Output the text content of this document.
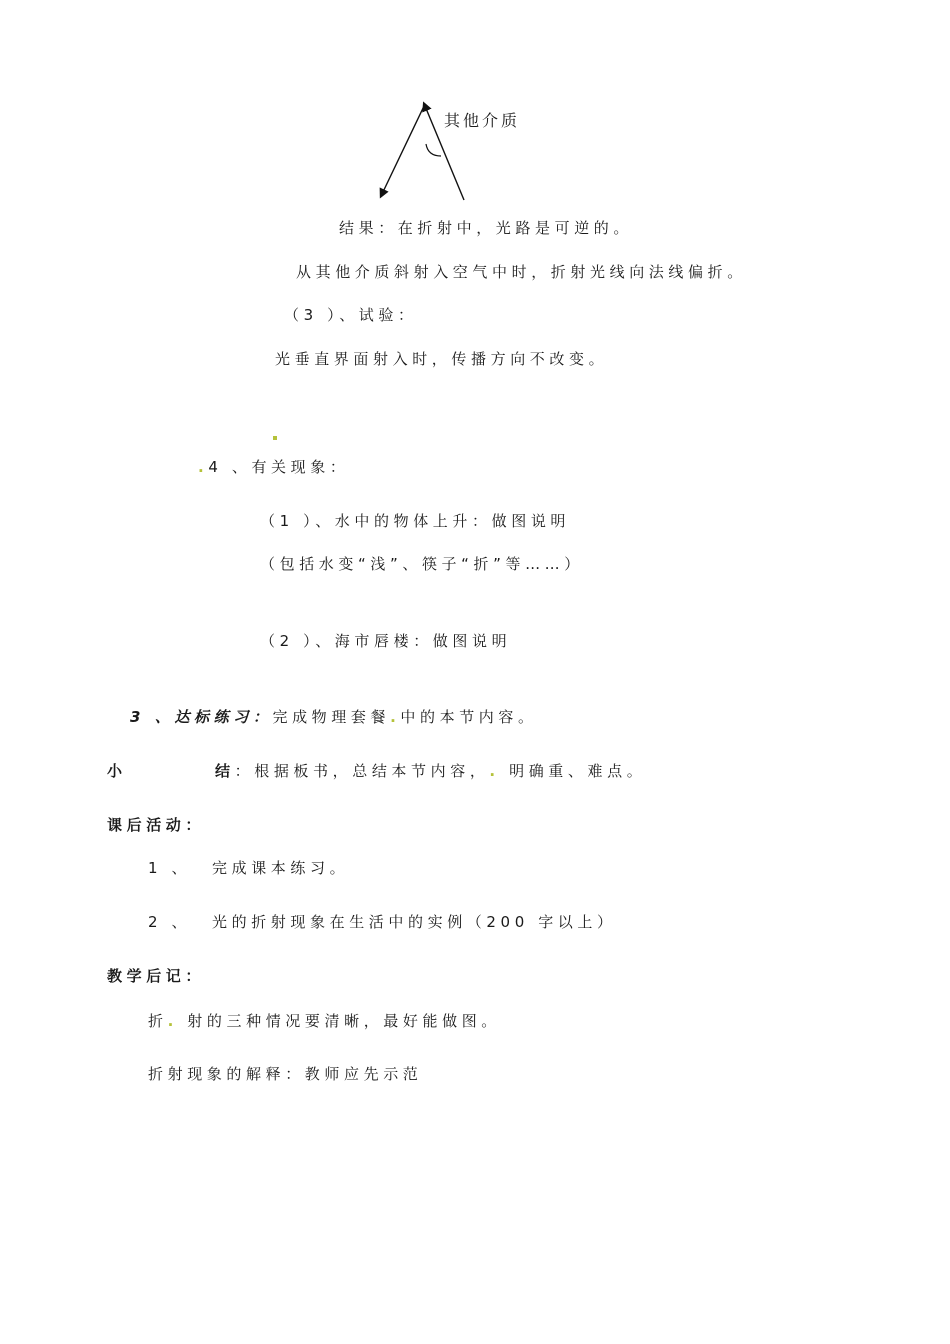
其他介质
结果：在折射中，光路是可逆的。
从其他介质斜射入空气中时，折射光线向法线偏折。
（3 ）、试验：
光垂直界面射入时，传播方向不改变。
.4 、有关现象：
（1 ）、水中的物体上升：做图说明
（包括水变“浅”、筷子“折”等……）
（2 ）、海市唇楼：做图说明
3 、达标练习：完成物理套餐.中的本节内容。
小	结：根据板书，总结本节内容，. 明确重、难点。
课后活动：
1 、 完成课本练习。
2 、 光的折射现象在生活中的实例（200 字以上）
教学后记：
折. 射的三种情况要清晰，最好能做图。
折射现象的解释：教师应先示范
